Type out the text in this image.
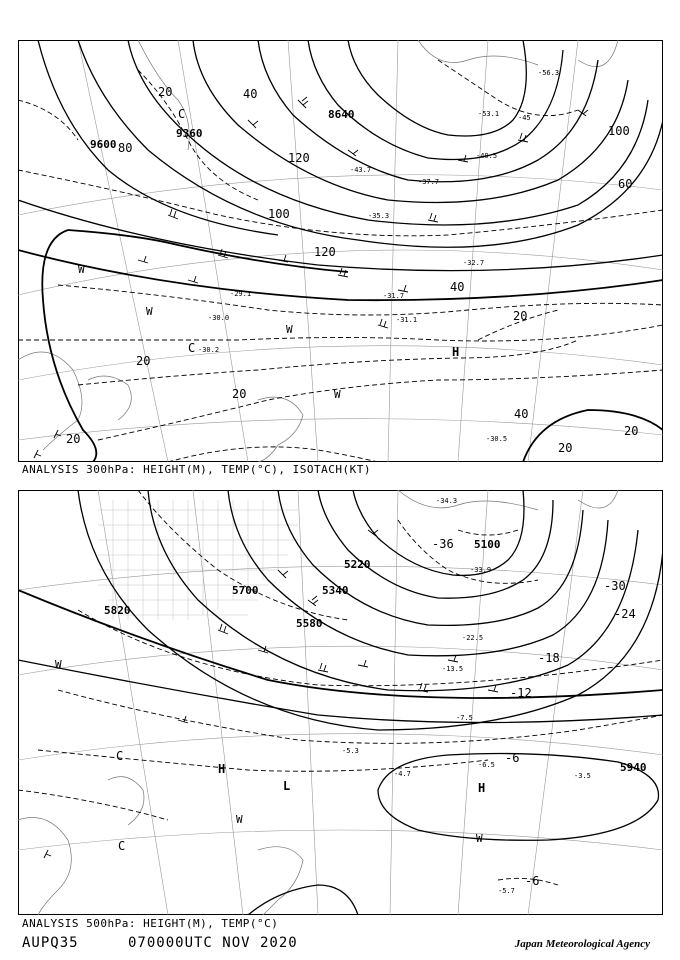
9600
9360
8640
20	40
60
80
100
120
20
20
20
40
20
40
20
20
100
120
-29.1
-30.0
-30.2
-31.1
-31.7
-32.7
-35.3
-37.7
-40.5
-43.7
-45
-53.1
-56.3
-30.5
H
C
C
W
W
W
W
ANALYSIS 300hPa: HEIGHT(M), TEMP(°C), ISOTACH(KT)
5820
5700
5580
5340
5220
5100
5940
-36
-30
-24
-18
-12
-6
-6
-34.3
-33.9
-22.5
-13.5
-7.5
-4.7
-5.3
-6.5
-3.5
-5.7
H
H
L
C
C
W
W
W
ANALYSIS 500hPa: HEIGHT(M), TEMP(°C)
AUPQ35	070000UTC NOV 2020	Japan Meteorological Agency
